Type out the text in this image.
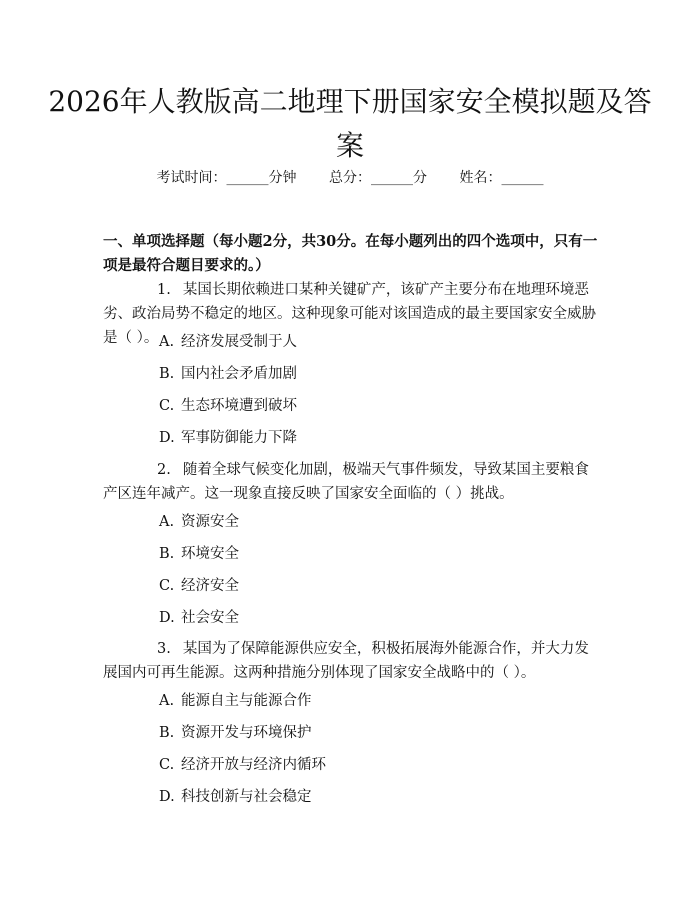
2026年人教版高二地理下册国家安全模拟题及答案
考试时间：______分钟 总分：______分 姓名：______
一、单项选择题（每小题2分，共30分。在每小题列出的四个选项中，只有一项是最符合题目要求的。）
1. 某国长期依赖进口某种关键矿产，该矿产主要分布在地理环境恶劣、政治局势不稳定的地区。这种现象可能对该国造成的最主要国家安全威胁是（ ）。 A. 经济发展受制于人
B. 国内社会矛盾加剧
C. 生态环境遭到破坏
D. 军事防御能力下降
2. 随着全球气候变化加剧，极端天气事件频发，导致某国主要粮食产区连年减产。这一现象直接反映了国家安全面临的（ ）挑战。
A. 资源安全
B. 环境安全
C. 经济安全
D. 社会安全
3. 某国为了保障能源供应安全，积极拓展海外能源合作，并大力发展国内可再生能源。这两种措施分别体现了国家安全战略中的（ ）。
A. 能源自主与能源合作
B. 资源开发与环境保护
C. 经济开放与经济内循环
D. 科技创新与社会稳定
